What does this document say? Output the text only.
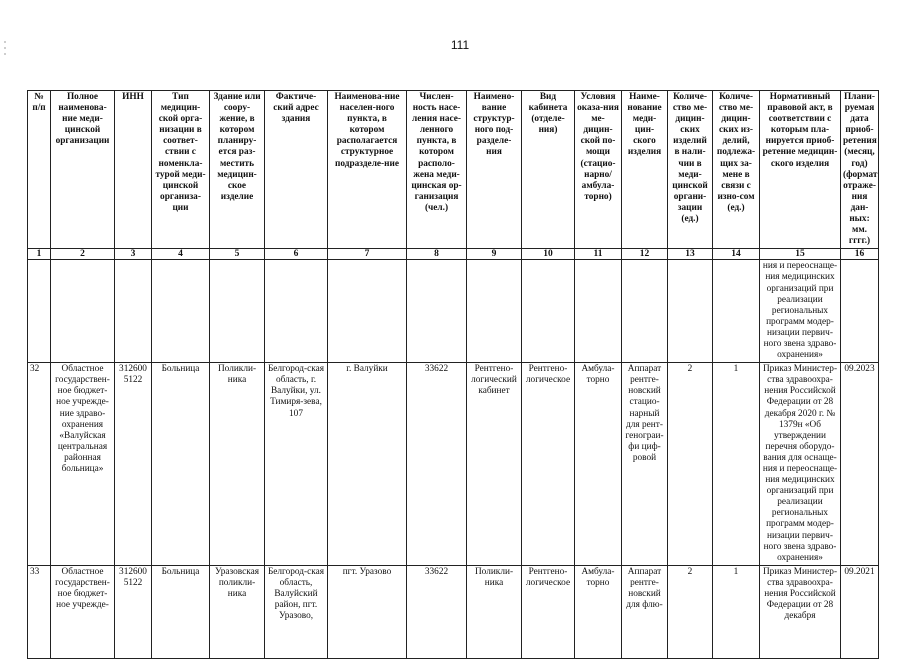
111
№ п/п	Полное наименова-ние меди-цинской организации	ИНН	Тип медицин-ской орга-низации в соответ-ствии с номенкла-турой меди-цинской организа-ции	Здание или соору-жение, в котором планиру-ется раз-местить медицин-ское изделие	Фактиче-ский адрес здания	Наименова-ние населен-ного пункта, в котором располагается структурное подразделе-ние	Числен-ность насе-ления насе-ленного пункта, в котором располо-жена меди-цинская ор-ганизация (чел.)	Наимено-вание структур-ного под-разделе-ния	Вид кабинета (отделе-ния)	Условия оказа-ния ме-дицин-ской по-мощи (стацио-нарно/ амбула-торно)	Наиме-нование меди-цин-ского изделия	Количе-ство ме-дицин-ских изделий в нали-чии в меди-цинской органи-зации (ед.)	Количе-ство ме-дицин-ских из-делий, подлежа-щих за-мене в связи с изно-сом (ед.)	Нормативный правовой акт, в соответствии с которым пла-нируется приоб-ретение медицин-ского изделия	Плани-руемая дата приоб-ретения (месяц, год) (формат отраже-ния дан-ных: мм. гггг.)
1	2	3	4	5	6	7	8	9	10	11	12	13	14	15	16
														ния и переоснаще-ния медицинских организаций при реализации региональных программ модер-низации первич-ного звена здраво-охранения»	
32	Областное государствен-ное бюджет-ное учрежде-ние здраво-охранения «Валуйская центральная районная больница»	312600 5122	Больница	Поликли-ника	Белгород-ская область, г. Валуйки, ул. Тимиря-зева, 107	г. Валуйки	33622	Рентгено-логический кабинет	Рентгено-логическое	Амбула-торно	Аппарат рентге-новский стацио-нарный для рент-генограи-фи циф-ровой	2	1	Приказ Министер-ства здравоохра-нения Российской Федерации от 28 декабря 2020 г. № 1379н «Об утверждении перечня оборудо-вания для оснаще-ния и переоснаще-ния медицинских организаций при реализации региональных программ модер-низации первич-ного звена здраво-охранения»	09.2023
33	Областное государствен-ное бюджет-ное учрежде-	312600 5122	Больница	Уразовская поликли-ника	Белгород-ская область, Валуйский район, пгт. Уразово,	пгт. Уразово	33622	Поликли-ника	Рентгено-логическое	Амбула-торно	Аппарат рентге-новский для флю-	2	1	Приказ Министер-ства здравоохра-нения Российской Федерации от 28 декабря	09.2021
